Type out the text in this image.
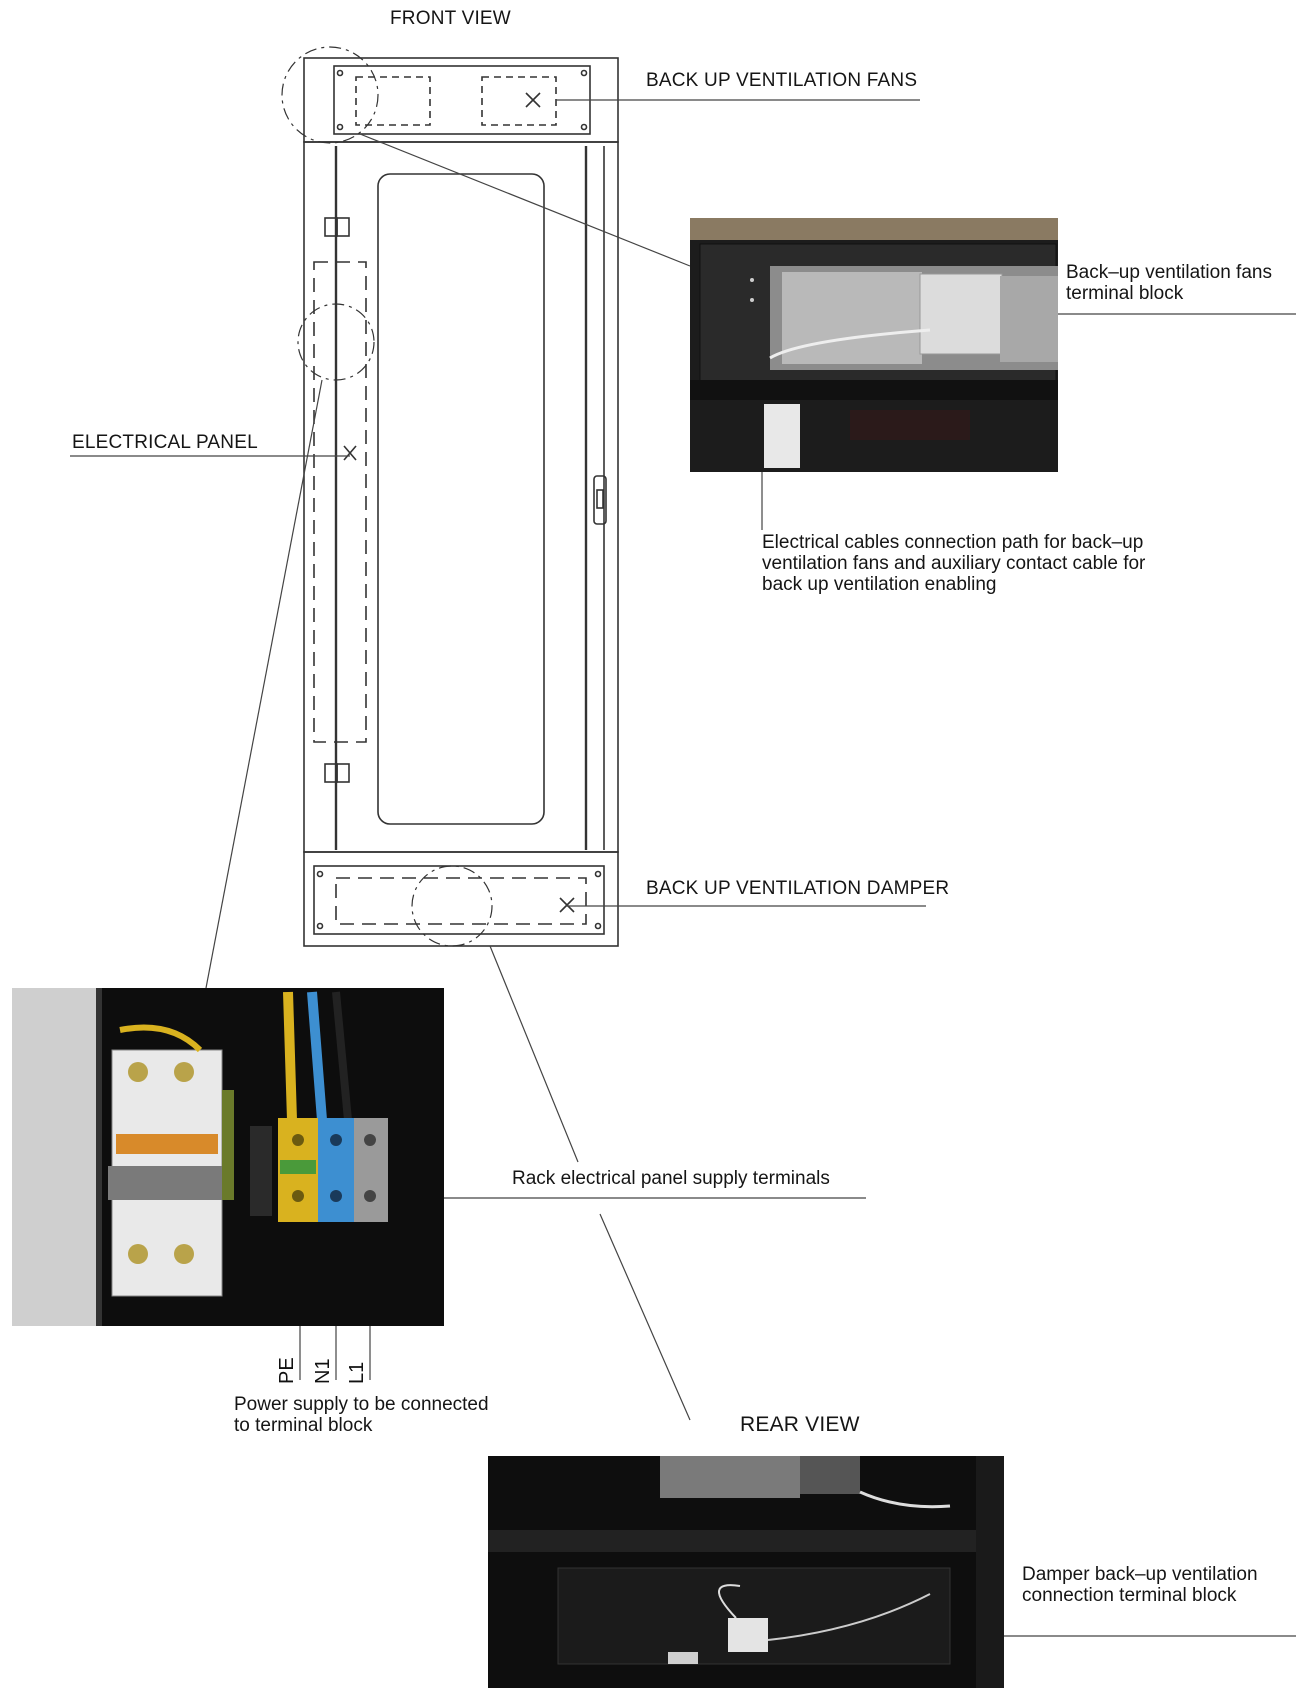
FRONT VIEW
BACK UP VENTILATION FANS
ELECTRICAL PANEL
BACK UP VENTILATION DAMPER
Back–up ventilation fans
terminal block
Electrical cables connection path for back–up
ventilation fans and auxiliary contact cable for
back up ventilation enabling
Rack electrical panel supply terminals
Power supply to be connected
to terminal block	REAR VIEW
Damper back–up ventilation
connection terminal block
PE N1 L1
